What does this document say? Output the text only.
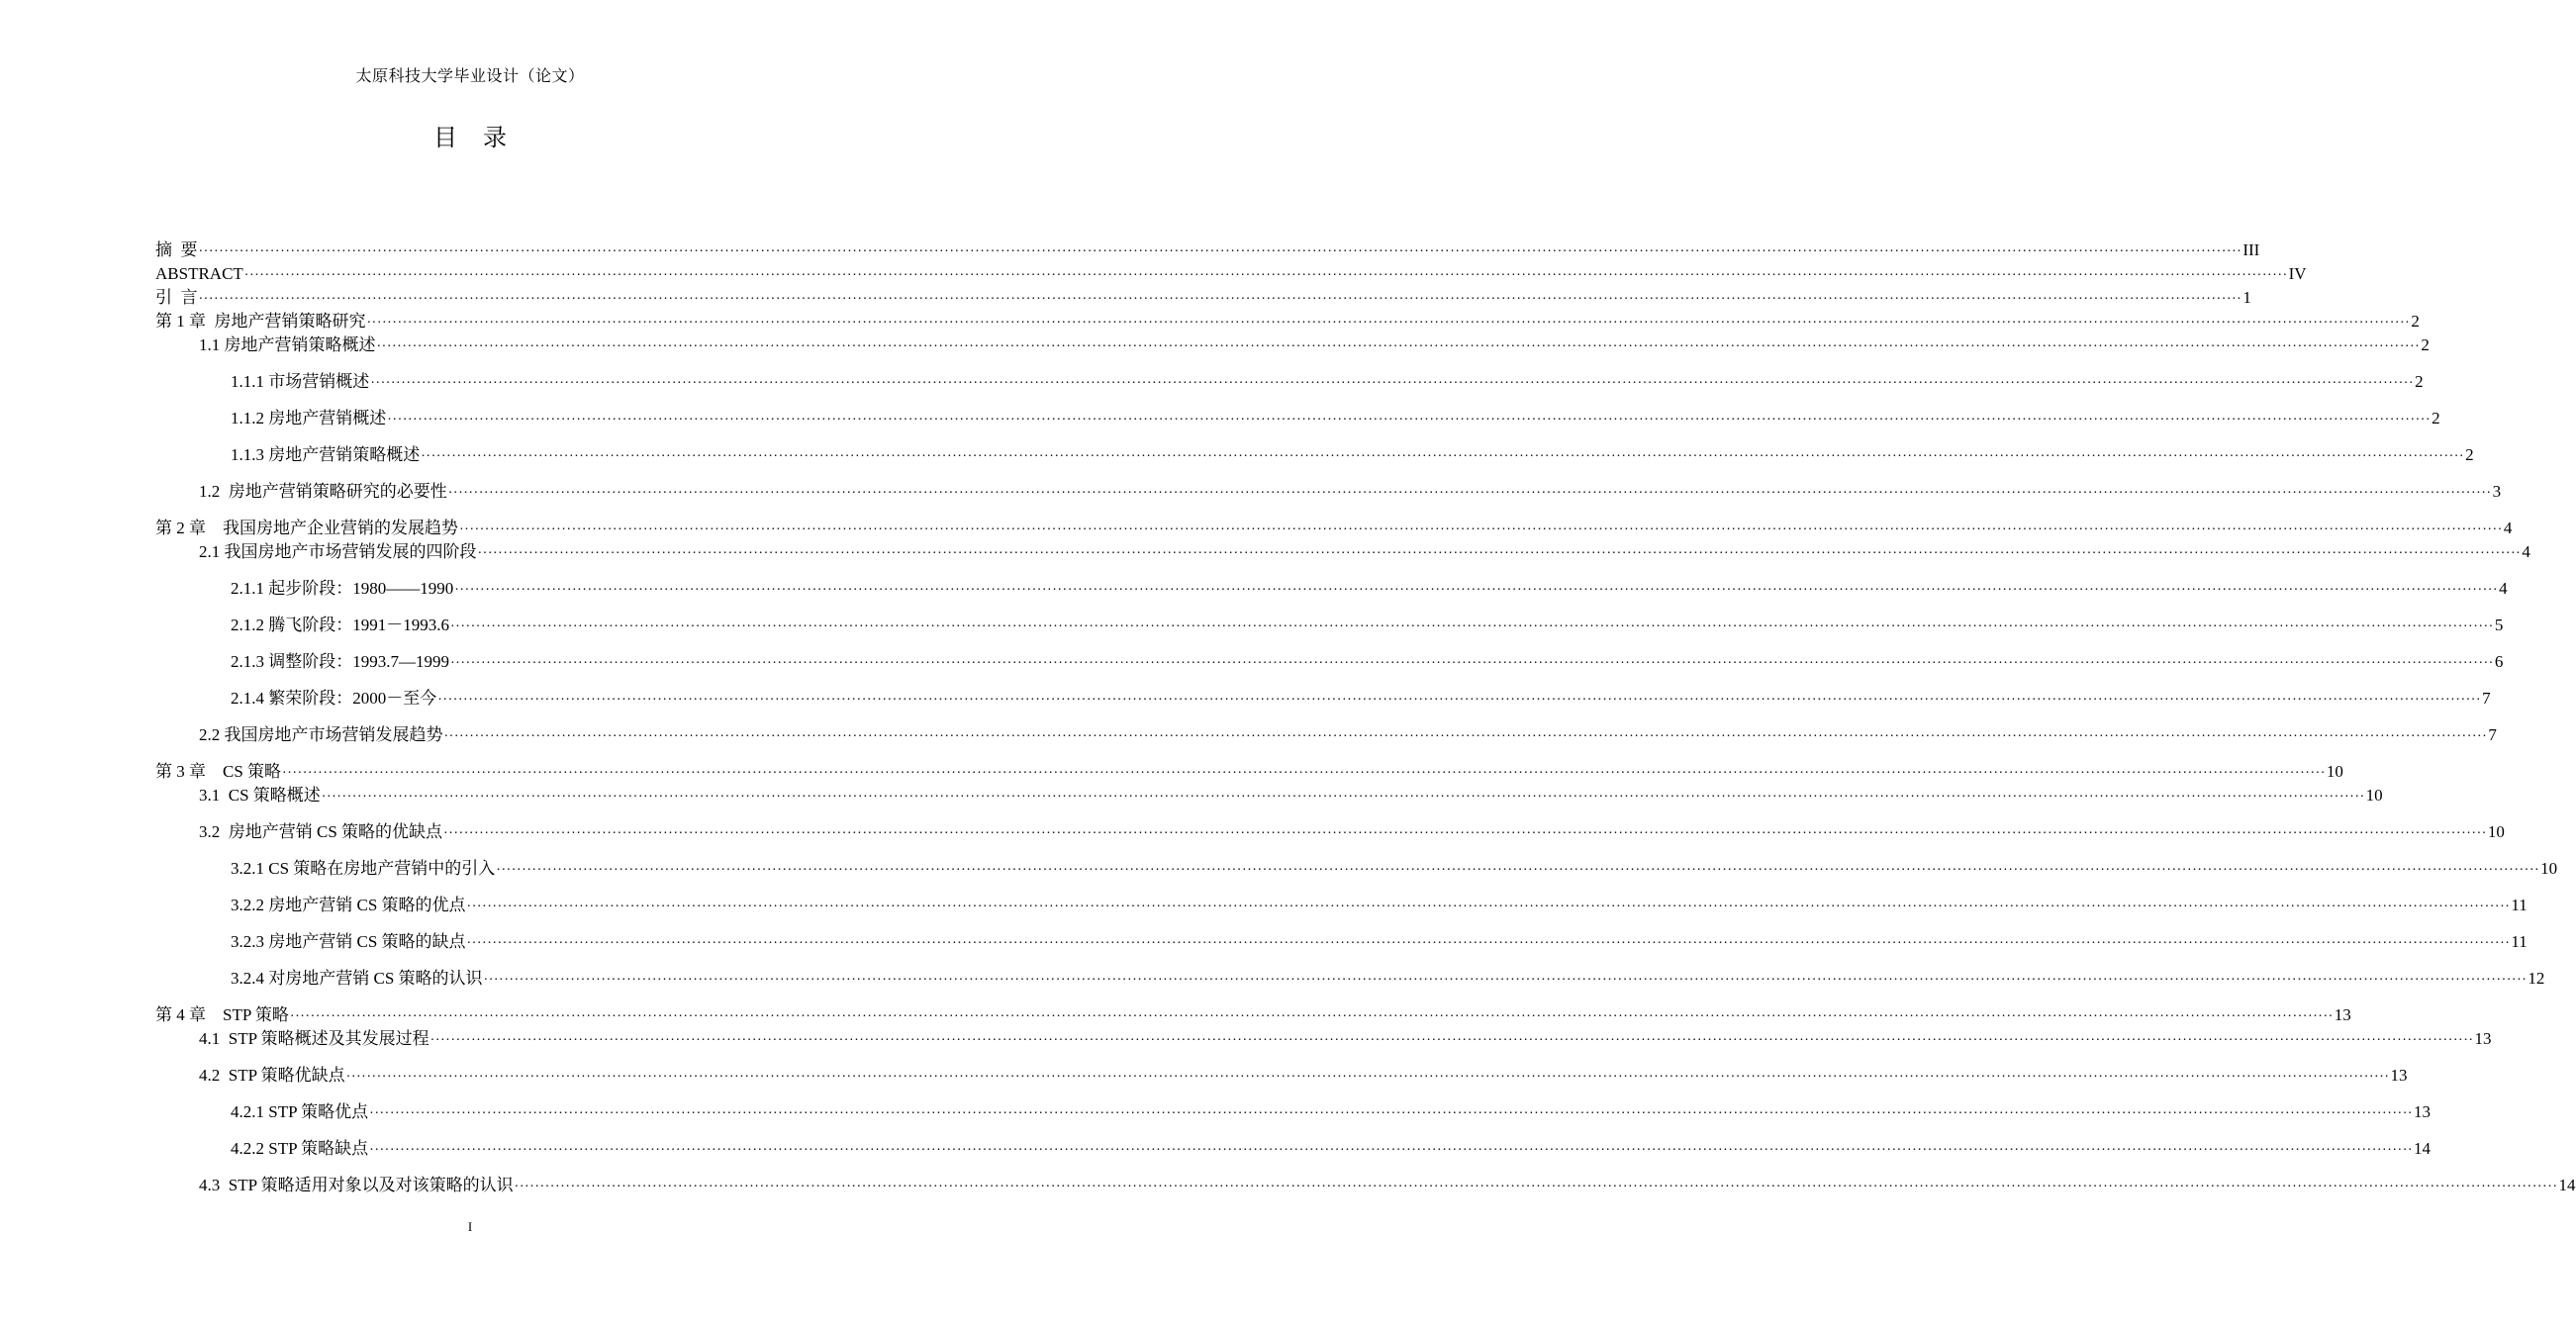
太原科技大学毕业设计（论文）
目录
摘  要 ················································································································································································································································································································································································································ III
ABSTRACT ················································································································································································································································································································································································································ IV
引  言 ················································································································································································································································································································································································································ 1
第 1 章  房地产营销策略研究 ················································································································································································································································································································································································································ 2
1.1 房地产营销策略概述 ················································································································································································································································································································································································································ 2
1.1.1 市场营销概述 ················································································································································································································································································································································································································ 2
1.1.2 房地产营销概述 ················································································································································································································································································································································································································ 2
1.1.3 房地产营销策略概述 ················································································································································································································································································································································································································ 2
1.2  房地产营销策略研究的必要性 ················································································································································································································································································································································································································ 3
第 2 章    我国房地产企业营销的发展趋势 ················································································································································································································································································································································································································ 4
2.1 我国房地产市场营销发展的四阶段 ················································································································································································································································································································································································································ 4
2.1.1 起步阶段：1980——1990 ················································································································································································································································································································································································································ 4
2.1.2 腾飞阶段：1991－1993.6 ················································································································································································································································································································································································································ 5
2.1.3 调整阶段：1993.7—1999 ················································································································································································································································································································································································································ 6
2.1.4 繁荣阶段：2000－至今 ················································································································································································································································································································································································································ 7
2.2 我国房地产市场营销发展趋势 ················································································································································································································································································································································································································ 7
第 3 章    CS 策略 ················································································································································································································································································································································································································ 10
3.1  CS 策略概述 ················································································································································································································································································································································································································ 10
3.2  房地产营销 CS 策略的优缺点 ················································································································································································································································································································································································································ 10
3.2.1 CS 策略在房地产营销中的引入 ················································································································································································································································································································································································································ 10
3.2.2 房地产营销 CS 策略的优点 ················································································································································································································································································································································································································ 11
3.2.3 房地产营销 CS 策略的缺点 ················································································································································································································································································································································································································ 11
3.2.4 对房地产营销 CS 策略的认识 ················································································································································································································································································································································································································ 12
第 4 章    STP 策略 ················································································································································································································································································································································································································ 13
4.1  STP 策略概述及其发展过程 ················································································································································································································································································································································································································ 13
4.2  STP 策略优缺点 ················································································································································································································································································································································································································ 13
4.2.1 STP 策略优点 ················································································································································································································································································································································································································ 13
4.2.2 STP 策略缺点 ················································································································································································································································································································································································································ 14
4.3  STP 策略适用对象以及对该策略的认识 ················································································································································································································································································································································································································ 14
I
